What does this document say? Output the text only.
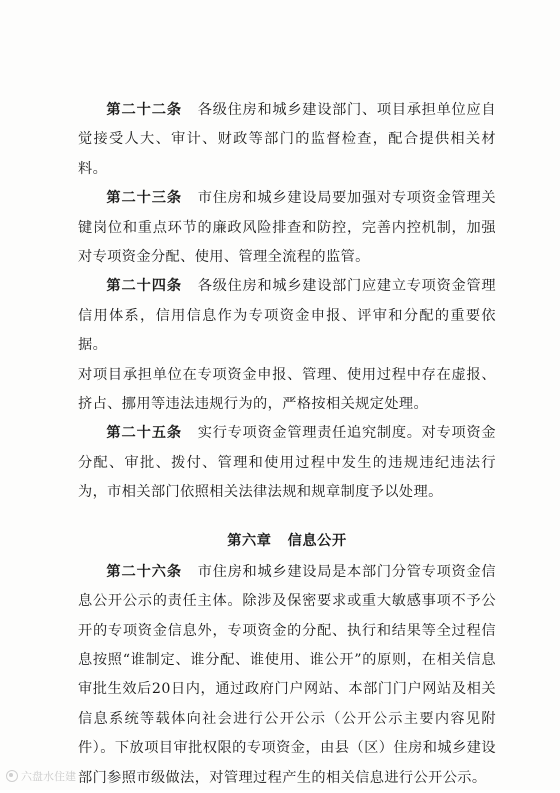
第二十二条 各级住房和城乡建设部门、项目承担单位应自觉接受人大、审计、财政等部门的监督检查，配合提供相关材料。

第二十三条 市住房和城乡建设局要加强对专项资金管理关键岗位和重点环节的廉政风险排查和防控，完善内控机制，加强对专项资金分配、使用、管理全流程的监管。

第二十四条 各级住房和城乡建设部门应建立专项资金管理信用体系，信用信息作为专项资金申报、评审和分配的重要依据。

对项目承担单位在专项资金申报、管理、使用过程中存在虚报、挤占、挪用等违法违规行为的，严格按相关规定处理。

第二十五条 实行专项资金管理责任追究制度。对专项资金分配、审批、拨付、管理和使用过程中发生的违规违纪违法行为，市相关部门依照相关法律法规和规章制度予以处理。

第六章 信息公开

第二十六条 市住房和城乡建设局是本部门分管专项资金信息公开公示的责任主体。除涉及保密要求或重大敏感事项不予公开的专项资金信息外，专项资金的分配、执行和结果等全过程信息按照“谁制定、谁分配、谁使用、谁公开”的原则，在相关信息审批生效后20日内，通过政府门户网站、本部门门户网站及相关信息系统等载体向社会进行公开公示（公开公示主要内容见附件）。下放项目审批权限的专项资金，由县（区）住房和城乡建设部门参照市级做法，对管理过程产生的相关信息进行公开公示。

六盘水住建
